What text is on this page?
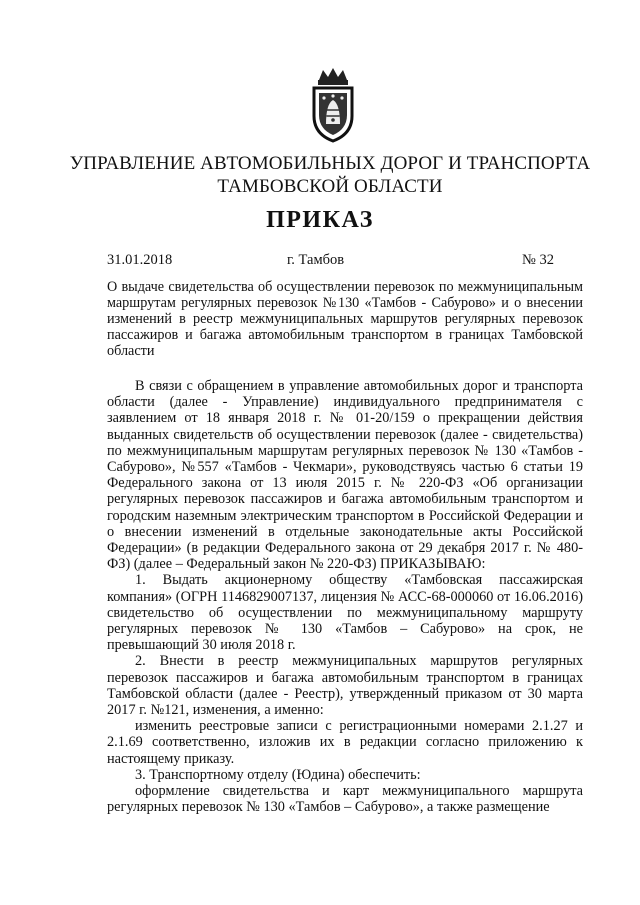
УПРАВЛЕНИЕ АВТОМОБИЛЬНЫХ ДОРОГ И ТРАНСПОРТА
ТАМБОВСКОЙ ОБЛАСТИ
ПРИКАЗ
31.01.2018	г. Тамбов	№ 32
О выдаче свидетельства об осуществлении перевозок по межмуниципальным маршрутам регулярных перевозок №130 «Тамбов - Сабурово» и о внесении изменений в реестр межмуниципальных маршрутов регулярных перевозок пассажиров и багажа автомобильным транспортом в границах Тамбовской области

В связи с обращением в управление автомобильных дорог и транспорта области (далее - Управление) индивидуального предпринимателя с заявлением от 18 января 2018 г. № 01-20/159 о прекращении действия выданных свидетельств об осуществлении перевозок (далее - свидетельства) по межмуниципальным маршрутам регулярных перевозок № 130 «Тамбов - Сабурово», №557 «Тамбов - Чекмари», руководствуясь частью 6 статьи 19 Федерального закона от 13 июля 2015 г. № 220-ФЗ «Об организации регулярных перевозок пассажиров и багажа автомобильным транспортом и городским наземным электрическим транспортом в Российской Федерации и о внесении изменений в отдельные законодательные акты Российской Федерации» (в редакции Федерального закона от 29 декабря 2017 г. № 480-ФЗ) (далее – Федеральный закон № 220-ФЗ) ПРИКАЗЫВАЮ:

1. Выдать акционерному обществу «Тамбовская пассажирская компания» (ОГРН 1146829007137, лицензия № АСС-68-000060 от 16.06.2016) свидетельство об осуществлении по межмуниципальному маршруту регулярных перевозок № 130 «Тамбов – Сабурово» на срок, не превышающий 30 июля 2018 г.

2. Внести в реестр межмуниципальных маршрутов регулярных перевозок пассажиров и багажа автомобильным транспортом в границах Тамбовской области (далее - Реестр), утвержденный приказом от 30 марта 2017 г. №121, изменения, а именно:

изменить реестровые записи с регистрационными номерами 2.1.27 и 2.1.69 соответственно, изложив их в редакции согласно приложению к настоящему приказу.

3. Транспортному отделу (Юдина) обеспечить:

оформление свидетельства и карт межмуниципального маршрута регулярных перевозок № 130 «Тамбов – Сабурово», а также размещение
